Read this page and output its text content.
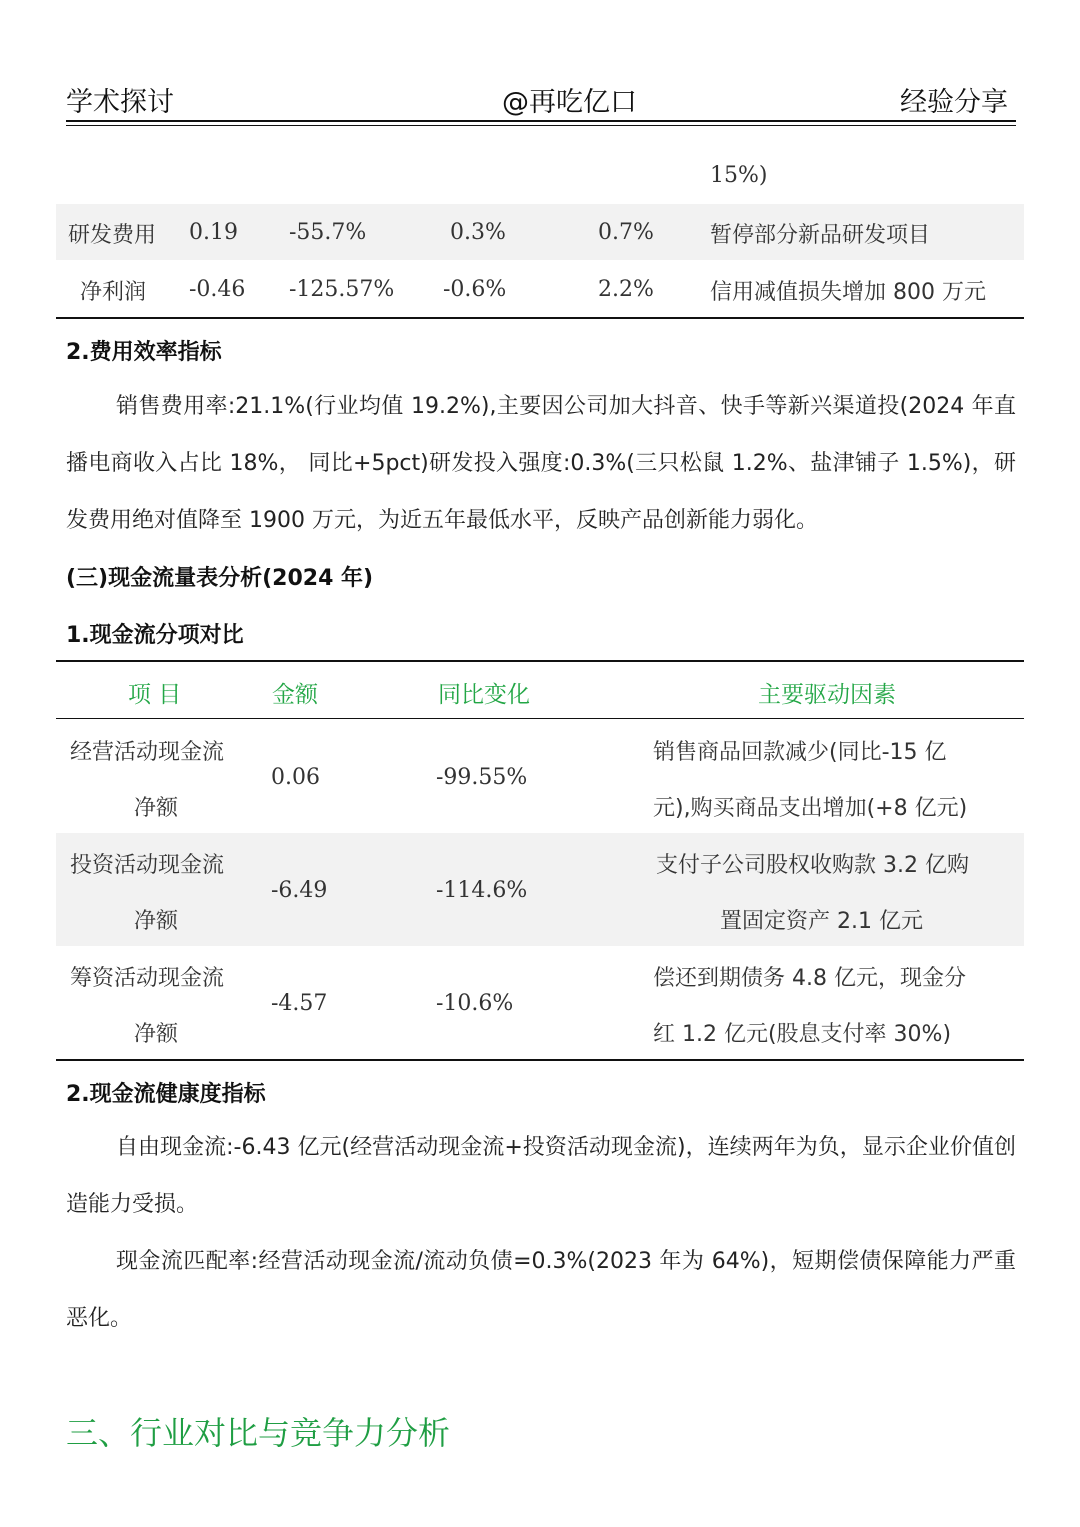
学术探讨	@再吃亿口	经验分享
15%)
研发费用 0.19 -55.7%	0.3%	0.7%	暂停部分新品研发项目
净利润 -0.46 -125.57% -0.6%	2.2%	信用减值损失增加 800 万元
2.费用效率指标

销售费用率:21.1%(行业均值 19.2%),主要因公司加大抖音、快手等新兴渠道投(2024 年直播电商收入占比 18%， 同比+5pct)研发投入强度:0.3%(三只松鼠 1.2%、盐津铺子 1.5%)，研发费用绝对值降至 1900 万元，为近五年最低水平，反映产品创新能力弱化。

(三)现金流量表分析(2024 年)
1.现金流分项对比
项 目	金额	同比变化	主要驱动因素
经营活动现金流
净额
0.06	-99.55%
销售商品回款减少(同比-15 亿
元),购买商品支出增加(+8 亿元)
投资活动现金流
净额
-6.49	-114.6%
支付子公司股权收购款 3.2 亿购
置固定资产 2.1 亿元
筹资活动现金流
净额
-4.57	-10.6%
偿还到期债务 4.8 亿元，现金分
红 1.2 亿元(股息支付率 30%)
2.现金流健康度指标

自由现金流:-6.43 亿元(经营活动现金流+投资活动现金流)，连续两年为负，显示企业价值创造能力受损。

现金流匹配率:经营活动现金流/流动负债=0.3%(2023 年为 64%)，短期偿债保障能力严重恶化。

三、行业对比与竞争力分析
